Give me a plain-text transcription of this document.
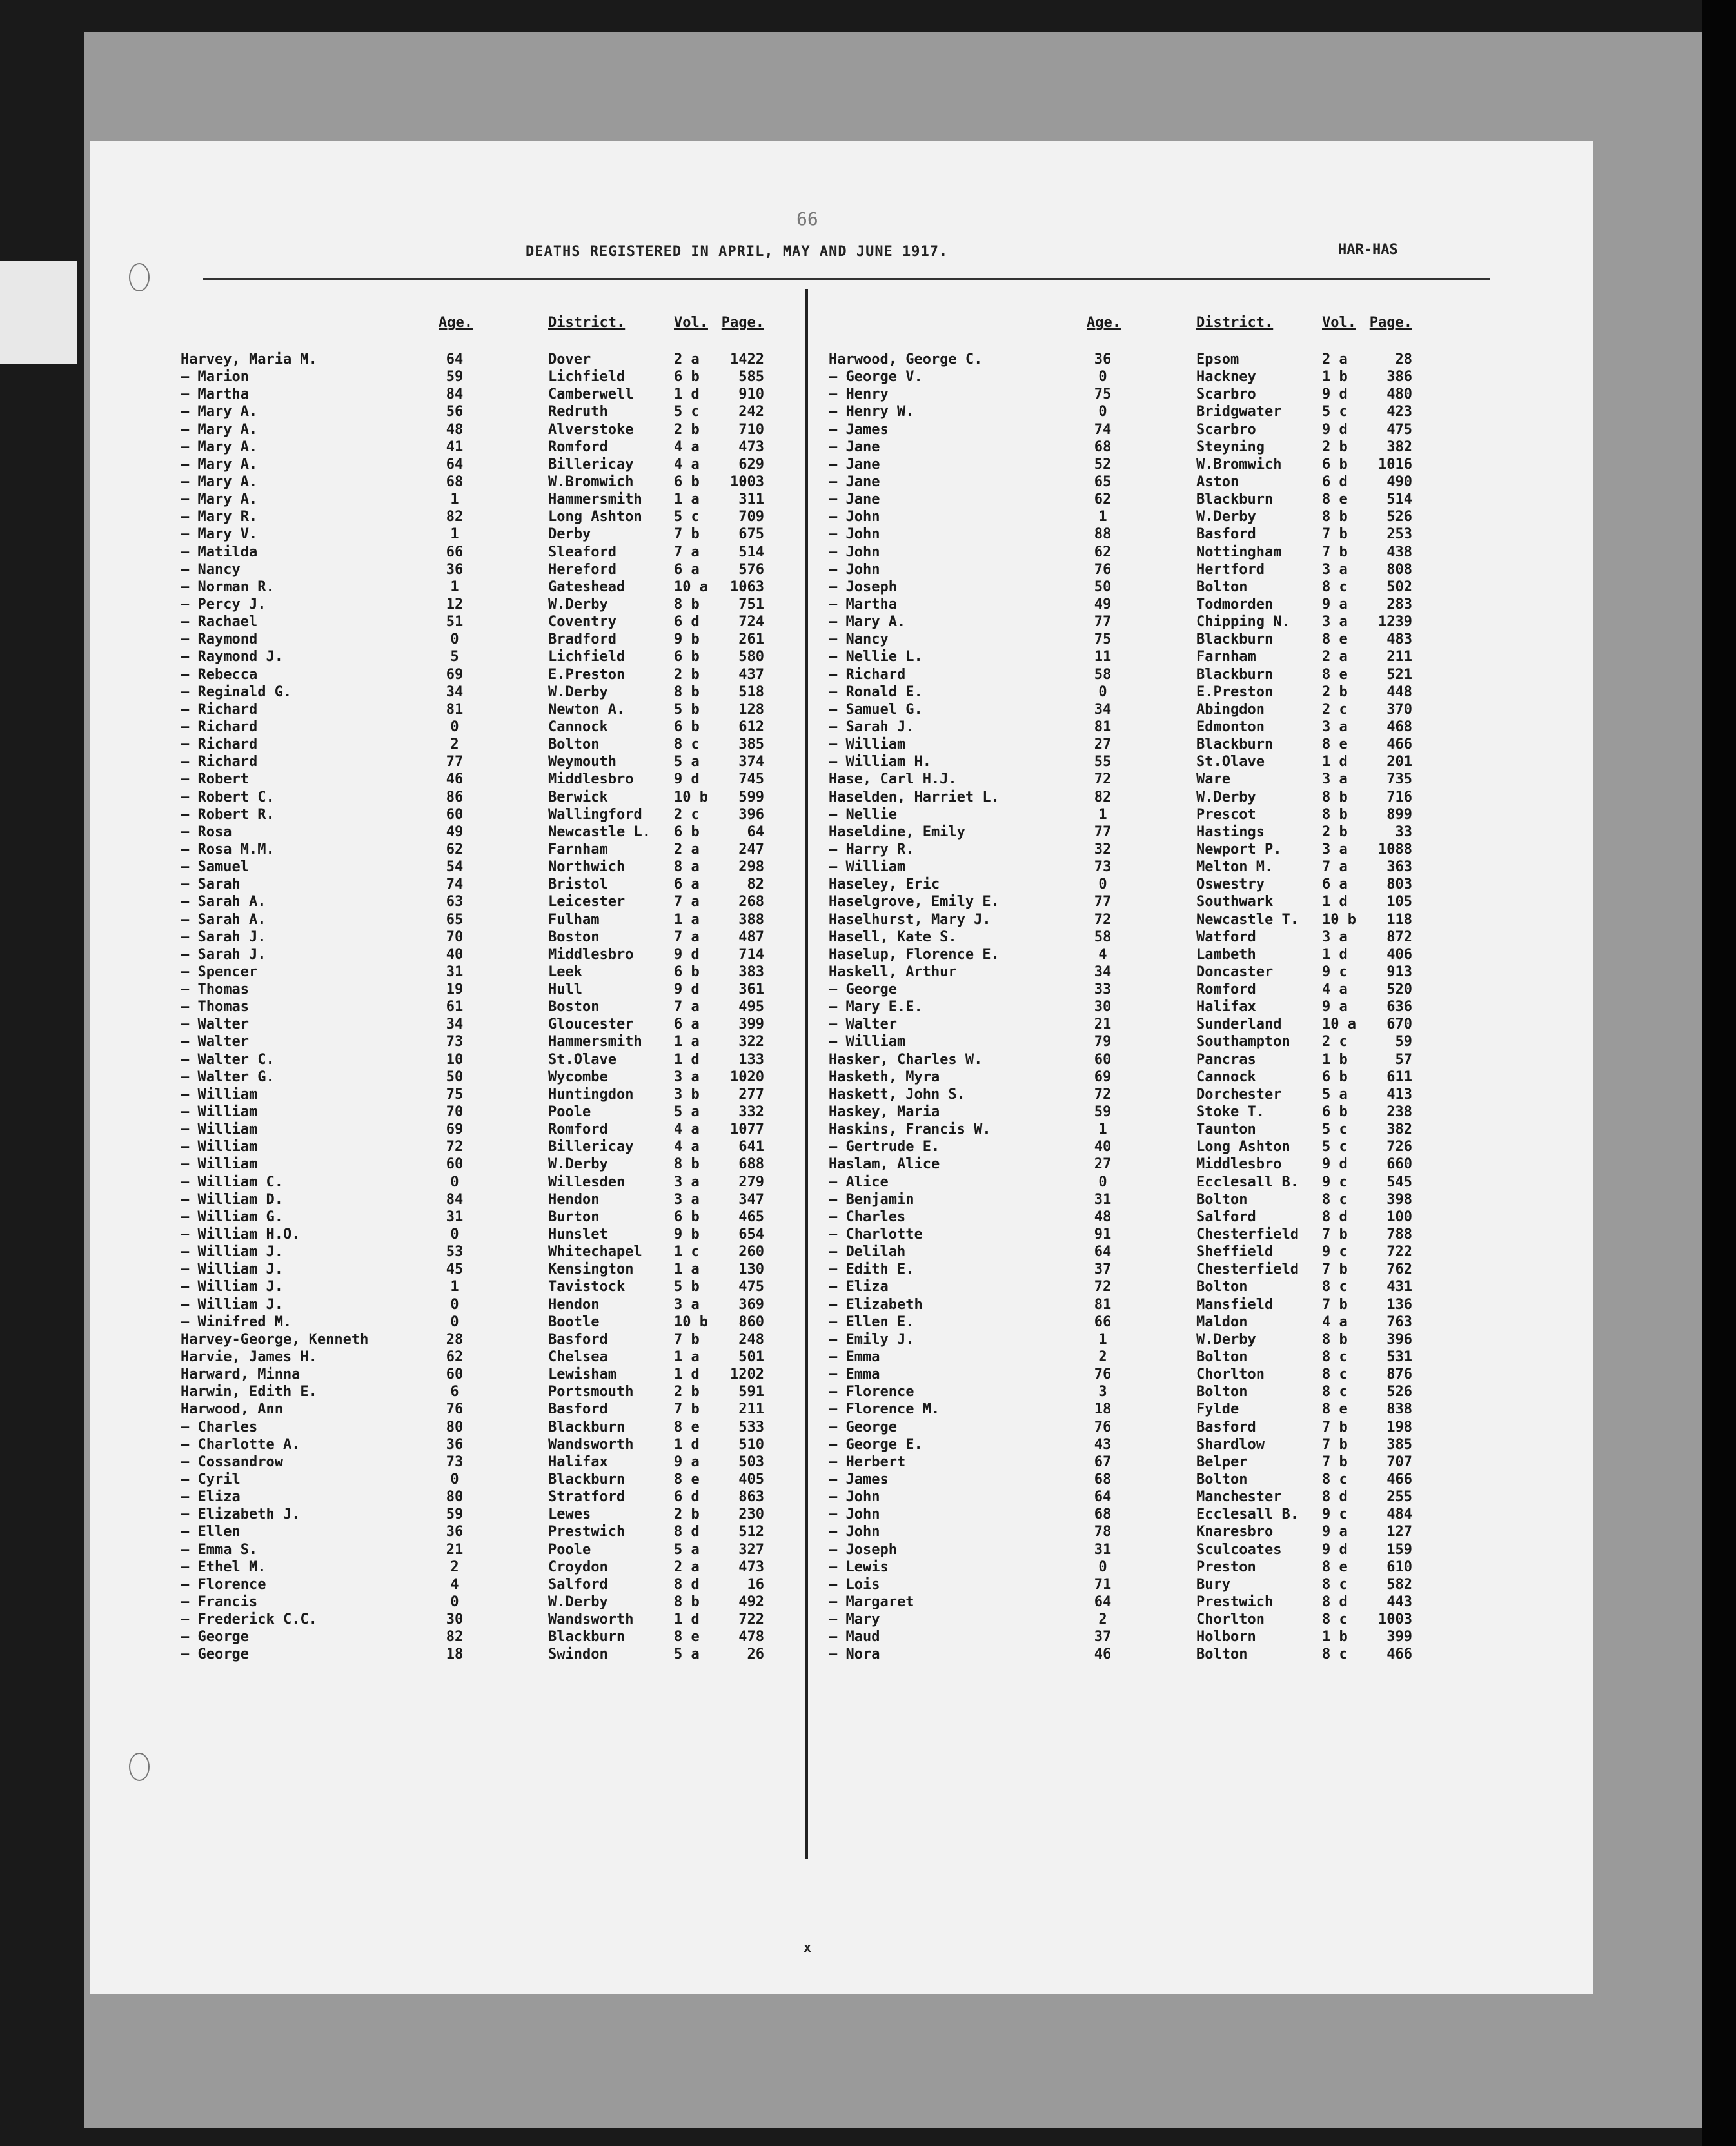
66
DEATHS REGISTERED IN APRIL, MAY AND JUNE 1917.	HAR-HAS
Age.	District.	Vol. Page.
Harvey, Maria M.	64	Dover	2 a	1422
— Marion	59	Lichfield	6 b	585
— Martha	84	Camberwell	1 d	910
— Mary A.	56	Redruth	5 c	242
— Mary A.	48	Alverstoke	2 b	710
— Mary A.	41	Romford	4 a	473
— Mary A.	64	Billericay	4 a	629
— Mary A.	68	W.Bromwich	6 b	1003
— Mary A.	1	Hammersmith 1 a	311
— Mary R.	82	Long Ashton 5 c	709
— Mary V.	1	Derby	7 b	675
— Matilda	66	Sleaford	7 a	514
— Nancy	36	Hereford	6 a	576
— Norman R.	1	Gateshead	10 a	1063
— Percy J.	12	W.Derby	8 b	751
— Rachael	51	Coventry	6 d	724
— Raymond	0	Bradford	9 b	261
— Raymond J.	5	Lichfield	6 b	580
— Rebecca	69	E.Preston	2 b	437
— Reginald G.	34	W.Derby	8 b	518
— Richard	81	Newton A.	5 b	128
— Richard	0	Cannock	6 b	612
— Richard	2	Bolton	8 c	385
— Richard	77	Weymouth	5 a	374
— Robert	46	Middlesbro	9 d	745
— Robert C.	86	Berwick	10 b	599
— Robert R.	60	Wallingford 2 c	396
— Rosa	49	Newcastle L. 6 b	64
— Rosa M.M.	62	Farnham	2 a	247
— Samuel	54	Northwich	8 a	298
— Sarah	74	Bristol	6 a	82
— Sarah A.	63	Leicester	7 a	268
— Sarah A.	65	Fulham	1 a	388
— Sarah J.	70	Boston	7 a	487
— Sarah J.	40	Middlesbro	9 d	714
— Spencer	31	Leek	6 b	383
— Thomas	19	Hull	9 d	361
— Thomas	61	Boston	7 a	495
— Walter	34	Gloucester	6 a	399
— Walter	73	Hammersmith 1 a	322
— Walter C.	10	St.Olave	1 d	133
— Walter G.	50	Wycombe	3 a	1020
— William	75	Huntingdon	3 b	277
— William	70	Poole	5 a	332
— William	69	Romford	4 a	1077
— William	72	Billericay	4 a	641
— William	60	W.Derby	8 b	688
— William C.	0	Willesden	3 a	279
— William D.	84	Hendon	3 a	347
— William G.	31	Burton	6 b	465
— William H.O.	0	Hunslet	9 b	654
— William J.	53	Whitechapel 1 c	260
— William J.	45	Kensington	1 a	130
— William J.	1	Tavistock	5 b	475
— William J.	0	Hendon	3 a	369
— Winifred M.	0	Bootle	10 b	860
Harvey-George, Kenneth	28	Basford	7 b	248
Harvie, James H.	62	Chelsea	1 a	501
Harward, Minna	60	Lewisham	1 d	1202
Harwin, Edith E.	6	Portsmouth	2 b	591
Harwood, Ann	76	Basford	7 b	211
— Charles	80	Blackburn	8 e	533
— Charlotte A.	36	Wandsworth	1 d	510
— Cossandrow	73	Halifax	9 a	503
— Cyril	0	Blackburn	8 e	405
— Eliza	80	Stratford	6 d	863
— Elizabeth J.	59	Lewes	2 b	230
— Ellen	36	Prestwich	8 d	512
— Emma S.	21	Poole	5 a	327
— Ethel M.	2	Croydon	2 a	473
— Florence	4	Salford	8 d	16
— Francis	0	W.Derby	8 b	492
— Frederick C.C.	30	Wandsworth	1 d	722
— George	82	Blackburn	8 e	478
— George	18	Swindon	5 a	26
Age.	District.	Vol. Page.
Harwood, George C.	36	Epsom	2 a	28
— George V.	0	Hackney	1 b	386
— Henry	75	Scarbro	9 d	480
— Henry W.	0	Bridgwater	5 c	423
— James	74	Scarbro	9 d	475
— Jane	68	Steyning	2 b	382
— Jane	52	W.Bromwich	6 b	1016
— Jane	65	Aston	6 d	490
— Jane	62	Blackburn	8 e	514
— John	1	W.Derby	8 b	526
— John	88	Basford	7 b	253
— John	62	Nottingham	7 b	438
— John	76	Hertford	3 a	808
— Joseph	50	Bolton	8 c	502
— Martha	49	Todmorden	9 a	283
— Mary A.	77	Chipping N. 3 a	1239
— Nancy	75	Blackburn	8 e	483
— Nellie L.	11	Farnham	2 a	211
— Richard	58	Blackburn	8 e	521
— Ronald E.	0	E.Preston	2 b	448
— Samuel G.	34	Abingdon	2 c	370
— Sarah J.	81	Edmonton	3 a	468
— William	27	Blackburn	8 e	466
— William H.	55	St.Olave	1 d	201
Hase, Carl H.J.	72	Ware	3 a	735
Haselden, Harriet L.	82	W.Derby	8 b	716
— Nellie	1	Prescot	8 b	899
Haseldine, Emily	77	Hastings	2 b	33
— Harry R.	32	Newport P.	3 a	1088
— William	73	Melton M.	7 a	363
Haseley, Eric	0	Oswestry	6 a	803
Haselgrove, Emily E.	77	Southwark	1 d	105
Haselhurst, Mary J.	72	Newcastle T. 10 b	118
Hasell, Kate S.	58	Watford	3 a	872
Haselup, Florence E.	4	Lambeth	1 d	406
Haskell, Arthur	34	Doncaster	9 c	913
— George	33	Romford	4 a	520
— Mary E.E.	30	Halifax	9 a	636
— Walter	21	Sunderland	10 a	670
— William	79	Southampton 2 c	59
Hasker, Charles W.	60	Pancras	1 b	57
Hasketh, Myra	69	Cannock	6 b	611
Haskett, John S.	72	Dorchester	5 a	413
Haskey, Maria	59	Stoke T.	6 b	238
Haskins, Francis W.	1	Taunton	5 c	382
— Gertrude E.	40	Long Ashton 5 c	726
Haslam, Alice	27	Middlesbro	9 d	660
— Alice	0	Ecclesall B. 9 c	545
— Benjamin	31	Bolton	8 c	398
— Charles	48	Salford	8 d	100
— Charlotte	91	Chesterfield 7 b	788
— Delilah	64	Sheffield	9 c	722
— Edith E.	37	Chesterfield 7 b	762
— Eliza	72	Bolton	8 c	431
— Elizabeth	81	Mansfield	7 b	136
— Ellen E.	66	Maldon	4 a	763
— Emily J.	1	W.Derby	8 b	396
— Emma	2	Bolton	8 c	531
— Emma	76	Chorlton	8 c	876
— Florence	3	Bolton	8 c	526
— Florence M.	18	Fylde	8 e	838
— George	76	Basford	7 b	198
— George E.	43	Shardlow	7 b	385
— Herbert	67	Belper	7 b	707
— James	68	Bolton	8 c	466
— John	64	Manchester	8 d	255
— John	68	Ecclesall B. 9 c	484
— John	78	Knaresbro	9 a	127
— Joseph	31	Sculcoates	9 d	159
— Lewis	0	Preston	8 e	610
— Lois	71	Bury	8 c	582
— Margaret	64	Prestwich	8 d	443
— Mary	2	Chorlton	8 c	1003
— Maud	37	Holborn	1 b	399
— Nora	46	Bolton	8 c	466
x
